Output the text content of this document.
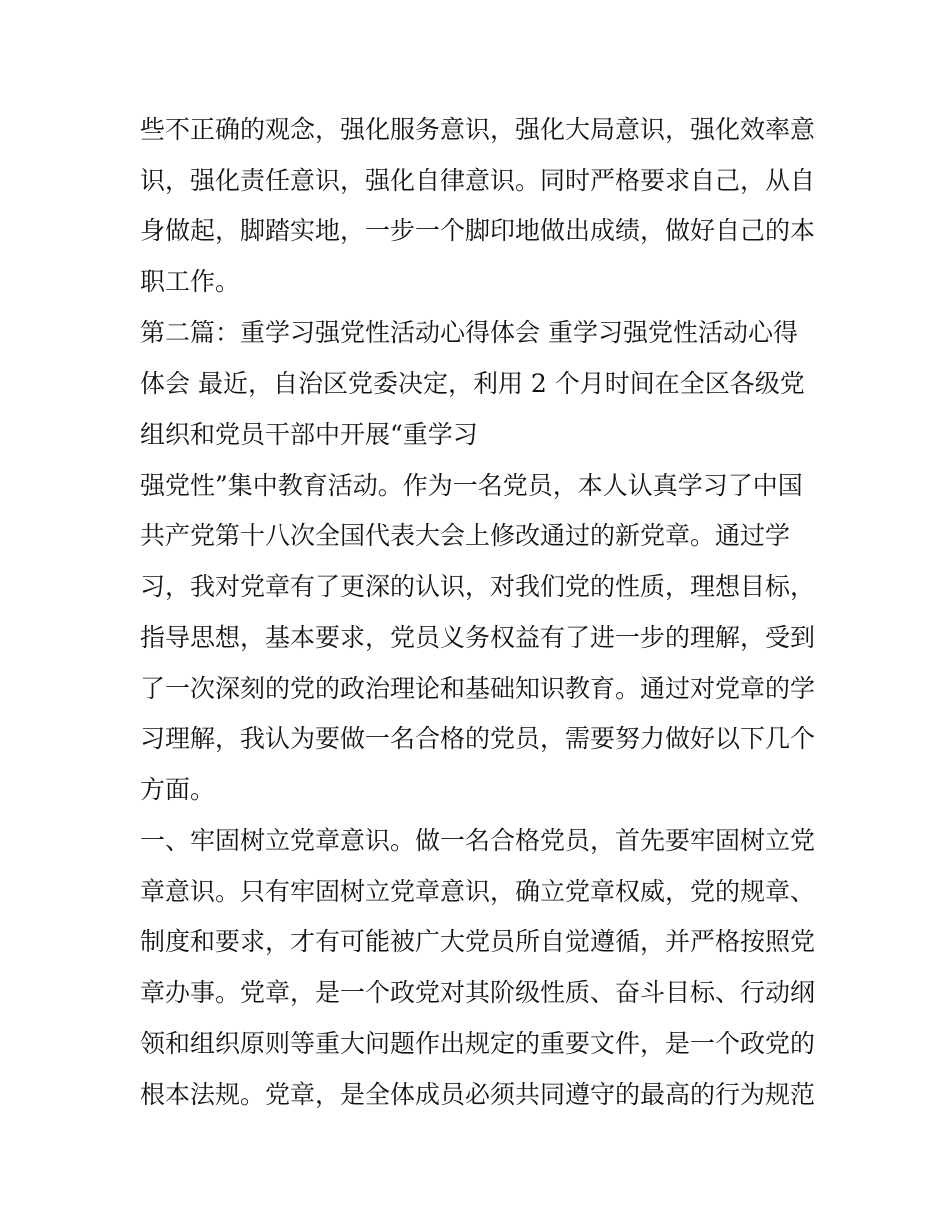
些不正确的观念，强化服务意识，强化大局意识，强化效率意
识，强化责任意识，强化自律意识。同时严格要求自己，从自
身做起，脚踏实地，一步一个脚印地做出成绩，做好自己的本
职工作。
第二篇：重学习强党性活动心得体会 重学习强党性活动心得
体会 最近，自治区党委决定，利用 2 个月时间在全区各级党
组织和党员干部中开展“重学习
强党性”集中教育活动。作为一名党员，本人认真学习了中国
共产党第十八次全国代表大会上修改通过的新党章。通过学
习，我对党章有了更深的认识，对我们党的性质，理想目标，
指导思想，基本要求，党员义务权益有了进一步的理解，受到
了一次深刻的党的政治理论和基础知识教育。通过对党章的学
习理解，我认为要做一名合格的党员，需要努力做好以下几个
方面。
一、牢固树立党章意识。做一名合格党员，首先要牢固树立党
章意识。只有牢固树立党章意识，确立党章权威，党的规章、
制度和要求，才有可能被广大党员所自觉遵循，并严格按照党
章办事。党章，是一个政党对其阶级性质、奋斗目标、行动纲
领和组织原则等重大问题作出规定的重要文件，是一个政党的
根本法规。党章，是全体成员必须共同遵守的最高的行为规范
